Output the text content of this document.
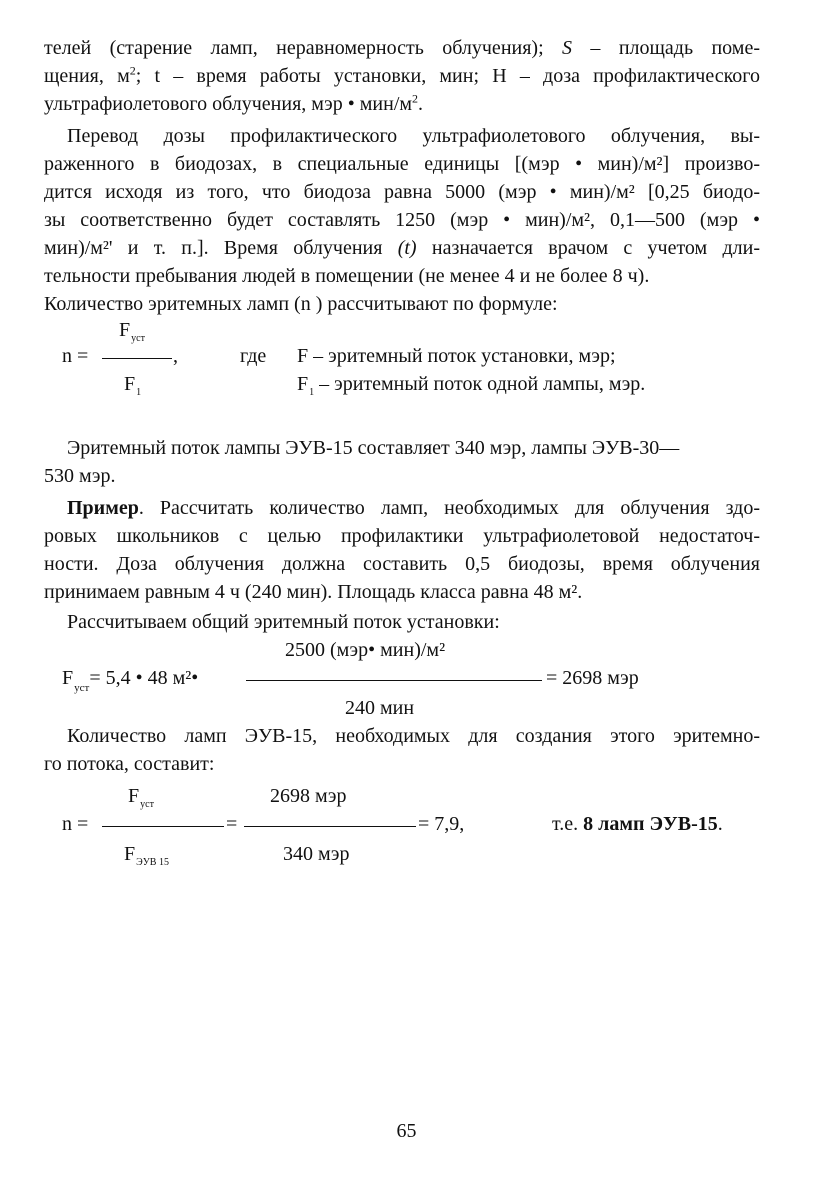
телей (старение ламп, неравномерность облучения); S – площадь поме-
щения, $м^2$; t – время работы установки, мин; Н – доза профилактического
ультрафиолетового облучения, мэр • мин/$м^2$.
Перевод дозы профилактического ультрафиолетового облучения, вы-
раженного в биодозах, в специальные единицы [(мэр • мин)/м²] произво-
дится исходя из того, что биодоза равна 5000 (мэр • мин)/м² [0,25 биодо-
зы соответственно будет составлять 1250 (мэр • мин)/м², 0,1—500 (мэр •
мин)/м²' и т. п.]. Время облучения (t) назначается врачом с учетом дли-
тельности пребывания людей в помещении (не менее 4 и не более 8 ч).
Количество эритемных ламп (n ) рассчитывают по формуле:
$F_{уст}$
n =	,
$F_1$
где F – эритемный поток установки, мэр;
$F_1$ – эритемный поток одной лампы, мэр.
Эритемный поток лампы ЭУВ-15 составляет 340 мэр, лампы ЭУВ-30—
530 мэр.
Пример. Рассчитать количество ламп, необходимых для облучения здо-
ровых школьников с целью профилактики ультрафиолетовой недостаточ-
ности. Доза облучения должна составить 0,5 биодозы, время облучения
принимаем равным 4 ч (240 мин). Площадь класса равна 48 м².
Рассчитываем общий эритемный поток установки:
2500 (мэр• мин)/м²
$F_{уст}= 5,4$ • 48 м²•	= 2698 мэр
240 мин
Количество ламп ЭУВ-15, необходимых для создания этого эритемно-
го потока, составит:
$F_{уст}$	2698 мэр
n =	=	= 7,9,	т.е. 8 ламп ЭУВ-15.
$F_{ЭУВ 15}$	340 мэр
65
